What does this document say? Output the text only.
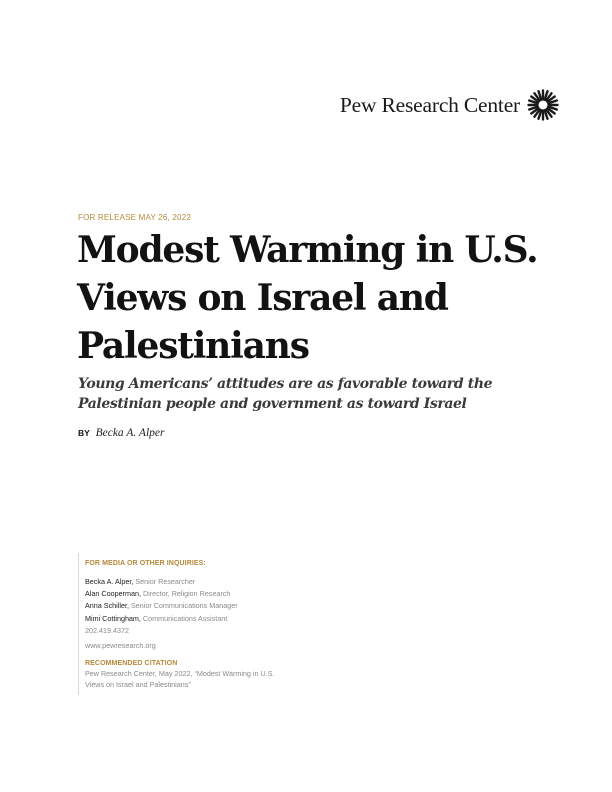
Pew Research Center
FOR RELEASE MAY 26, 2022
Modest Warming in U.S. Views on Israel and Palestinians

Young Americans’ attitudes are as favorable toward the Palestinian people and government as toward Israel

BY Becka A. Alper
FOR MEDIA OR OTHER INQUIRIES:
Becka A. Alper, Senior Researcher
Alan Cooperman, Director, Religion Research
Anna Schiller, Senior Communications Manager
Mimi Cottingham, Communications Assistant
202.419.4372
www.pewresearch.org
RECOMMENDED CITATION
Pew Research Center, May 2022, “Modest Warming in U.S. Views on Israel and Palestinians”
